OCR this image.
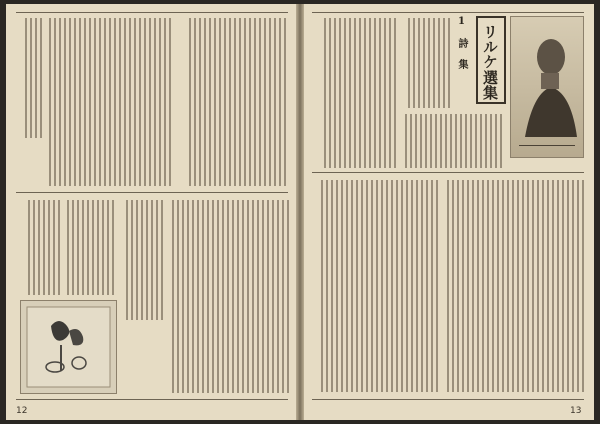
12
リルケ
選集
1 詩 集
13
